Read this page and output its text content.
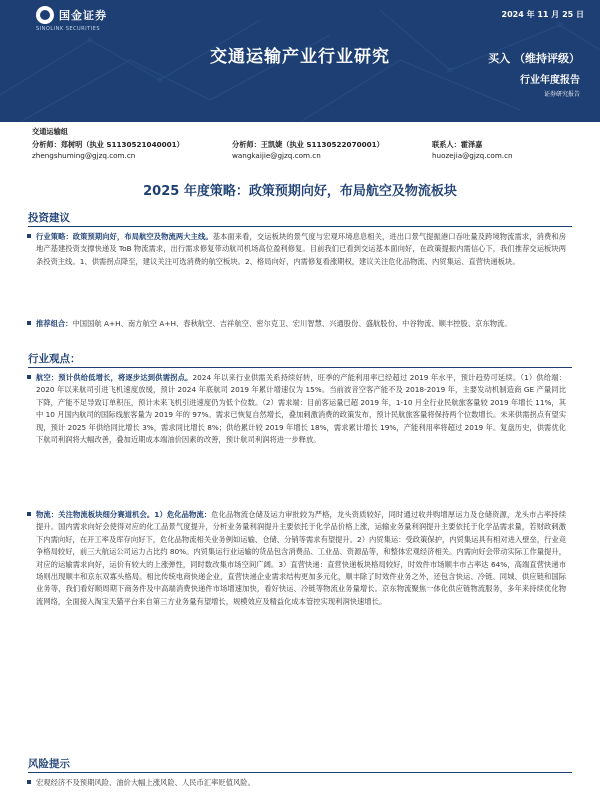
国金证券
SINOLINK SECURITIES
2024 年 11 月 25 日
交通运输产业行业研究	买入 （维持评级）
行业年度报告
证券研究报告
交通运输组
分析师：郑树明（执业 S1130521040001）	分析师：王凯婕（执业 S1130522070001）	联系人：霍泽嘉
zhengshuming@gjzq.com.cn	wangkaijie@gjzq.com.cn	huozejia@gjzq.com.cn
2025 年度策略：政策预期向好，布局航空及物流板块
投资建议

行业策略：政策预期向好，布局航空及物流两大主线。基本面来看，交运板块的景气度与宏观环境息息相关，进出口景气提振港口吞吐量及跨境物流需求，消费和房地产基建投资支撑快递及 ToB 物流需求，出行需求修复带动航司机场高位盈利修复。目前我们已看到交运基本面向好，在政策提振内需信心下，我们推荐交运板块两条投资主线。1、供需拐点降至，建议关注可选消费的航空板块。2、格局向好，内需修复看涨期权，建议关注危化品物流、内贸集运、直营快递板块。

推荐组合：中国国航 A+H、南方航空 A+H、春秋航空、吉祥航空、密尔克卫、宏川智慧、兴通股份、盛航股份、中谷物流、顺丰控股、京东物流。

行业观点：

航空：预计供给低增长，将逐步达到供需拐点。2024 年以来行业供需关系持续好转，旺季的产能利用率已经超过 2019 年水平，预计趋势可延续。（1）供给端：2020 年以来航司引进飞机速度放缓，预计 2024 年底航司 2019 年累计增速仅为 15%。当前波音空客产能不及 2018-2019 年，主要发动机制造商 GE 产量同比下降，产能不足导致订单积压，预计未来飞机引进速度仍为低个位数。（2）需求端：目前客运量已超 2019 年，1-10 月全行业民航旅客量较 2019 年增长 11%，其中 10 月国内航司的国际线旅客量为 2019 年的 97%。需求已恢复自然增长，叠加刺激消费的政策发布，预计民航旅客量将保持两个位数增长。未来供需拐点有望实现，预计 2025 年供给同比增长 3%，需求同比增长 8%；供给累计较 2019 年增长 18%，需求累计增长 19%，产能利用率将超过 2019 年。复盘历史，供需优化下航司利润将大幅改善，叠加近期成本端油价因素的改善，预计航司利润将进一步释放。

物流：关注物流板块细分赛道机会。1）危化品物流：危化品物流仓储及运力审批较为严格，龙头资质较好，同时通过收并购增厚运力及仓储资源，龙头市占率持续提升。国内需求向好会使得对应的化工品景气度提升，分析业务量利润提升主要依托于化学品价格上涨，运输业务量利润提升主要依托于化学品需求量，若财政刺激下内需向好，在开工率及库存向好下，危化品物流相关业务例如运输、仓储、分销等需求有望提升。2）内贸集运：受政策保护，内贸集运具有相对进入壁垒，行业竞争格局较好，前三大航运公司运力占比约 80%。内贸集运行业运输的货品包含消费品、工业品、资源品等，和整体宏观经济相关。内需向好会带动实际工作量提升，对应的运输需求向好，运价有较大的上涨弹性，同时数改集市场空间广阔。3）直营快递：直营快递板块格局较好，时效件市场顺丰市占率达 64%，高端直营快递市场则出现顺丰和京东双寡头格局。相比传统电商快递企业，直营快递企业需求结构更加多元化，顺丰除了时效件业务之外，还包含快运、冷链、同城、供应链和国际业务等，我们看好顺周期下商务件及中高端消费快递件市场增速加快，看好快运、冷链等物流业务量增长。京东物流聚焦一体化供应链物流服务，多年来持续优化物流网络，全面接入淘宝天猫平台来自第三方业务量有望增长，规模效应及精益化成本管控实现利润快速增长。

风险提示

宏观经济不及预期风险、油价大幅上涨风险、人民币汇率贬值风险。
